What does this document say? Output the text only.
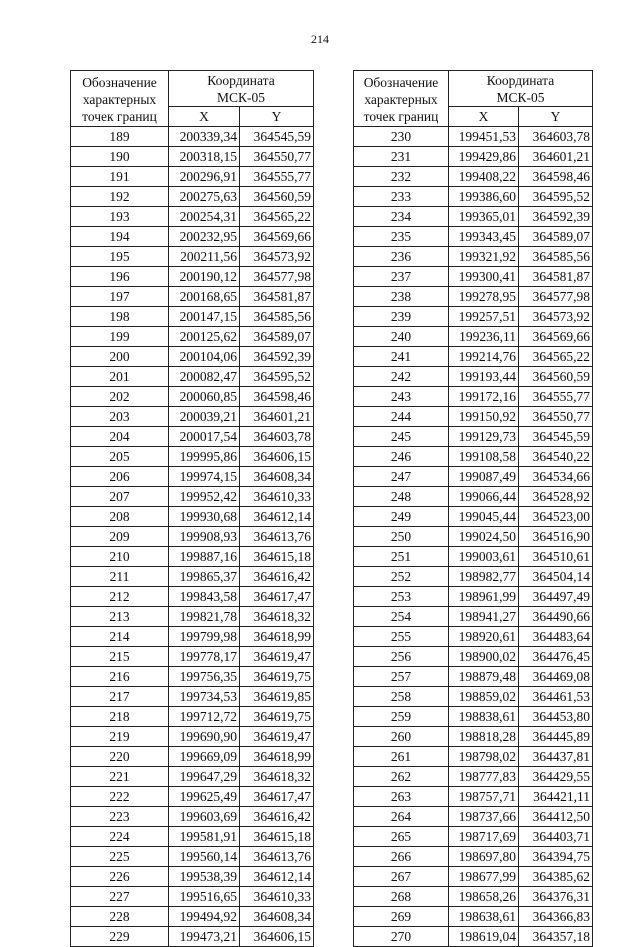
214
Обозначение
характерных
точек границ	Координата
МСК-05	

	X	Y
189	200339,34	364545,59
190	200318,15	364550,77
191	200296,91	364555,77
192	200275,63	364560,59
193	200254,31	364565,22
194	200232,95	364569,66
195	200211,56	364573,92
196	200190,12	364577,98
197	200168,65	364581,87
198	200147,15	364585,56
199	200125,62	364589,07
200	200104,06	364592,39
201	200082,47	364595,52
202	200060,85	364598,46
203	200039,21	364601,21
204	200017,54	364603,78
205	199995,86	364606,15
206	199974,15	364608,34
207	199952,42	364610,33
208	199930,68	364612,14
209	199908,93	364613,76
210	199887,16	364615,18
211	199865,37	364616,42
212	199843,58	364617,47
213	199821,78	364618,32
214	199799,98	364618,99
215	199778,17	364619,47
216	199756,35	364619,75
217	199734,53	364619,85
218	199712,72	364619,75
219	199690,90	364619,47
220	199669,09	364618,99
221	199647,29	364618,32
222	199625,49	364617,47
223	199603,69	364616,42
224	199581,91	364615,18
225	199560,14	364613,76
226	199538,39	364612,14
227	199516,65	364610,33
228	199494,92	364608,34
229	199473,21	364606,15
Обозначение
характерных
точек границ	Координата
МСК-05	

	X	Y
230	199451,53	364603,78
231	199429,86	364601,21
232	199408,22	364598,46
233	199386,60	364595,52
234	199365,01	364592,39
235	199343,45	364589,07
236	199321,92	364585,56
237	199300,41	364581,87
238	199278,95	364577,98
239	199257,51	364573,92
240	199236,11	364569,66
241	199214,76	364565,22
242	199193,44	364560,59
243	199172,16	364555,77
244	199150,92	364550,77
245	199129,73	364545,59
246	199108,58	364540,22
247	199087,49	364534,66
248	199066,44	364528,92
249	199045,44	364523,00
250	199024,50	364516,90
251	199003,61	364510,61
252	198982,77	364504,14
253	198961,99	364497,49
254	198941,27	364490,66
255	198920,61	364483,64
256	198900,02	364476,45
257	198879,48	364469,08
258	198859,02	364461,53
259	198838,61	364453,80
260	198818,28	364445,89
261	198798,02	364437,81
262	198777,83	364429,55
263	198757,71	364421,11
264	198737,66	364412,50
265	198717,69	364403,71
266	198697,80	364394,75
267	198677,99	364385,62
268	198658,26	364376,31
269	198638,61	364366,83
270	198619,04	364357,18
